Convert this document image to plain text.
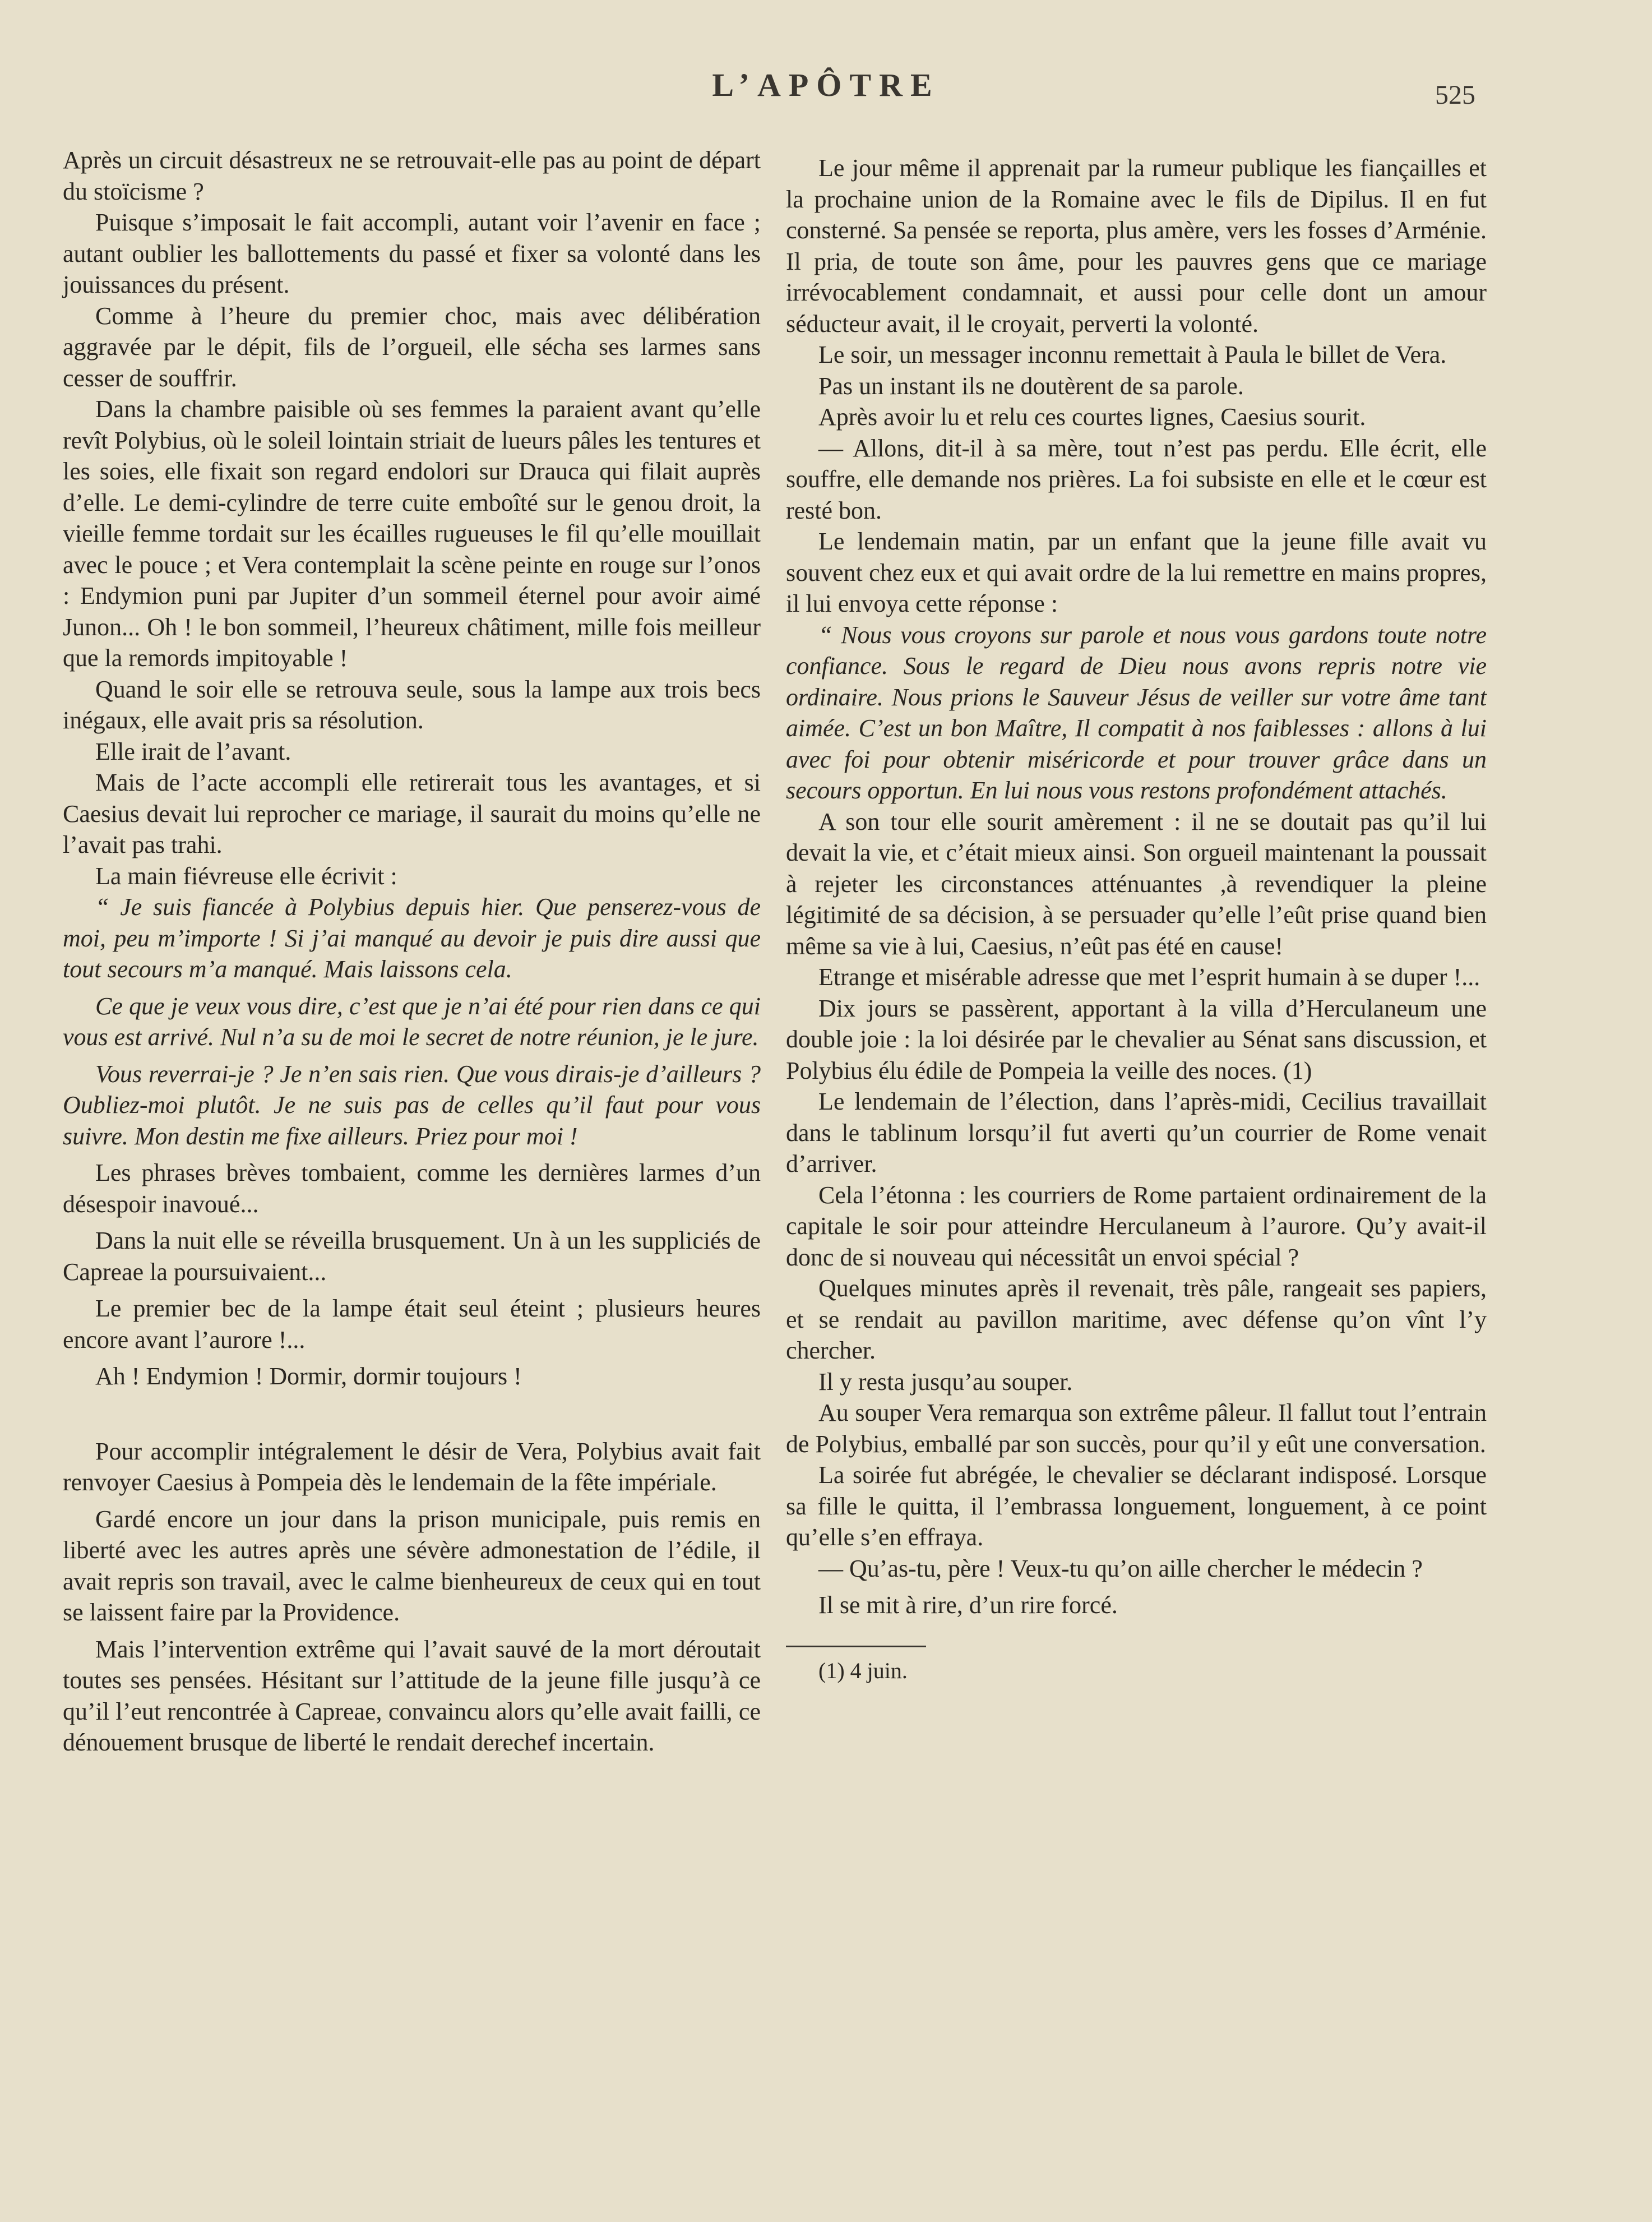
L’APÔTRE	525

Après un circuit désastreux ne se retrouvait-elle pas au point de départ du stoïcisme ?

Puisque s’imposait le fait accompli, autant voir l’avenir en face ; autant oublier les ballottements du passé et fixer sa volonté dans les jouissances du présent.

Comme à l’heure du premier choc, mais avec délibération aggravée par le dépit, fils de l’orgueil, elle sécha ses larmes sans cesser de souffrir.

Dans la chambre paisible où ses femmes la paraient avant qu’elle revît Polybius, où le soleil lointain striait de lueurs pâles les tentures et les soies, elle fixait son regard endolori sur Drauca qui filait auprès d’elle. Le demi-cylindre de terre cuite emboîté sur le genou droit, la vieille femme tordait sur les écailles rugueuses le fil qu’elle mouillait avec le pouce ; et Vera contemplait la scène peinte en rouge sur l’onos : Endymion puni par Jupiter d’un sommeil éternel pour avoir aimé Junon... Oh ! le bon sommeil, l’heureux châtiment, mille fois meilleur que la remords impitoyable !

Quand le soir elle se retrouva seule, sous la lampe aux trois becs inégaux, elle avait pris sa résolution.

Elle irait de l’avant.

Mais de l’acte accompli elle retirerait tous les avantages, et si Caesius devait lui reprocher ce mariage, il saurait du moins qu’elle ne l’avait pas trahi.

La main fiévreuse elle écrivit :

“ Je suis fiancée à Polybius depuis hier. Que penserez-vous de moi, peu m’importe ! Si j’ai manqué au devoir je puis dire aussi que tout secours m’a manqué. Mais laissons cela.

Ce que je veux vous dire, c’est que je n’ai été pour rien dans ce qui vous est arrivé. Nul n’a su de moi le secret de notre réunion, je le jure.

Vous reverrai-je ? Je n’en sais rien. Que vous dirais-je d’ailleurs ? Oubliez-moi plutôt. Je ne suis pas de celles qu’il faut pour vous suivre. Mon destin me fixe ailleurs. Priez pour moi !

Les phrases brèves tombaient, comme les dernières larmes d’un désespoir inavoué...

Dans la nuit elle se réveilla brusquement. Un à un les suppliciés de Capreae la poursuivaient...

Le premier bec de la lampe était seul éteint ; plusieurs heures encore avant l’aurore !...

Ah ! Endymion ! Dormir, dormir toujours !

Pour accomplir intégralement le désir de Vera, Polybius avait fait renvoyer Caesius à Pompeia dès le lendemain de la fête impériale.

Gardé encore un jour dans la prison municipale, puis remis en liberté avec les autres après une sévère admonestation de l’édile, il avait repris son travail, avec le calme bienheureux de ceux qui en tout se laissent faire par la Providence.

Mais l’intervention extrême qui l’avait sauvé de la mort déroutait toutes ses pensées. Hésitant sur l’attitude de la jeune fille jusqu’à ce qu’il l’eut rencontrée à Capreae, convaincu alors qu’elle avait failli, ce dénouement brusque de liberté le rendait derechef incertain.

Le jour même il apprenait par la rumeur publique les fiançailles et la prochaine union de la Romaine avec le fils de Dipilus. Il en fut consterné. Sa pensée se reporta, plus amère, vers les fosses d’Arménie. Il pria, de toute son âme, pour les pauvres gens que ce mariage irrévocablement condamnait, et aussi pour celle dont un amour séducteur avait, il le croyait, perverti la volonté.

Le soir, un messager inconnu remettait à Paula le billet de Vera.

Pas un instant ils ne doutèrent de sa parole.

Après avoir lu et relu ces courtes lignes, Caesius sourit.

— Allons, dit-il à sa mère, tout n’est pas perdu. Elle écrit, elle souffre, elle demande nos prières. La foi subsiste en elle et le cœur est resté bon.

Le lendemain matin, par un enfant que la jeune fille avait vu souvent chez eux et qui avait ordre de la lui remettre en mains propres, il lui envoya cette réponse :

“ Nous vous croyons sur parole et nous vous gardons toute notre confiance. Sous le regard de Dieu nous avons repris notre vie ordinaire. Nous prions le Sauveur Jésus de veiller sur votre âme tant aimée. C’est un bon Maître, Il compatit à nos faiblesses : allons à lui avec foi pour obtenir miséricorde et pour trouver grâce dans un secours opportun. En lui nous vous restons profondément attachés.

A son tour elle sourit amèrement : il ne se doutait pas qu’il lui devait la vie, et c’était mieux ainsi. Son orgueil maintenant la poussait à rejeter les circonstances atténuantes ,à revendiquer la pleine légitimité de sa décision, à se persuader qu’elle l’eût prise quand bien même sa vie à lui, Caesius, n’eût pas été en cause!

Etrange et misérable adresse que met l’esprit humain à se duper !...

Dix jours se passèrent, apportant à la villa d’Herculaneum une double joie : la loi désirée par le chevalier au Sénat sans discussion, et Polybius élu édile de Pompeia la veille des noces. (1)

Le lendemain de l’élection, dans l’après-midi, Cecilius travaillait dans le tablinum lorsqu’il fut averti qu’un courrier de Rome venait d’arriver.

Cela l’étonna : les courriers de Rome partaient ordinairement de la capitale le soir pour atteindre Herculaneum à l’aurore. Qu’y avait-il donc de si nouveau qui nécessitât un envoi spécial ?

Quelques minutes après il revenait, très pâle, rangeait ses papiers, et se rendait au pavillon maritime, avec défense qu’on vînt l’y chercher.

Il y resta jusqu’au souper.

Au souper Vera remarqua son extrême pâleur. Il fallut tout l’entrain de Polybius, emballé par son succès, pour qu’il y eût une conversation.

La soirée fut abrégée, le chevalier se déclarant indisposé. Lorsque sa fille le quitta, il l’embrassa longuement, longuement, à ce point qu’elle s’en effraya.

— Qu’as-tu, père ! Veux-tu qu’on aille chercher le médecin ?

Il se mit à rire, d’un rire forcé.

(1) 4 juin.
